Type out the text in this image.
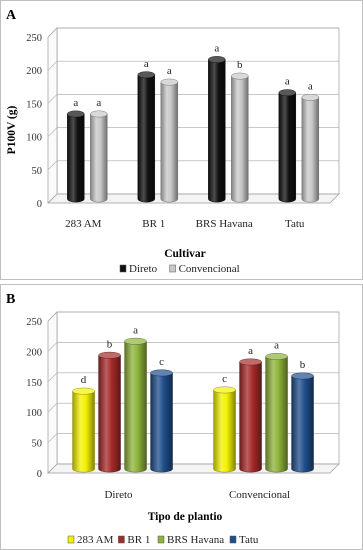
A
0
50
100
150
200
250
a a
a
a
a
b
a a
283 AM	BR 1	BRS Havana	Tatu
P100V (g)
Cultivar
Direto Convencional
B
0
50
100
150
200
250
d
b
a
c
c
a a
b
Direto	Convencional
Tipo de plantio
283 AM BR 1 BRS Havana Tatu
